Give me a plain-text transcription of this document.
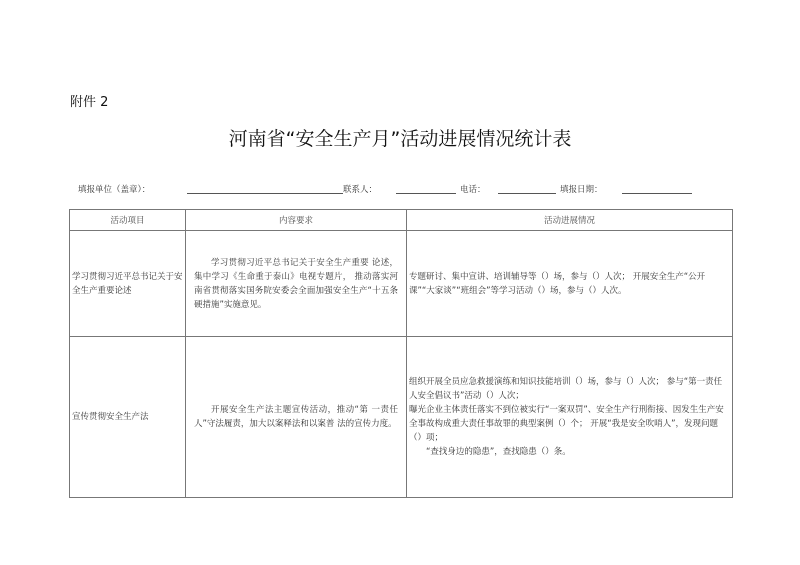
附件 2
河南省“安全生产月”活动进展情况统计表
填报单位（盖章）：	联系人：	电话：	填报日期：
活动项目	内容要求	活动进展情况
学习贯彻习近平总书记关于安全生产重要论述	学习贯彻习近平总书记关于安全生产重要 论述，集中学习《生命重于泰山》电视专题片， 推动落实河南省贯彻落实国务院安委会全面加强安全生产“十五条硬措施”实施意见。	专题研讨、集中宣讲、培训辅导等（）场，参与（）人次； 开展安全生产“公开课”“大家谈”“班组会”等学习活动（）场，参与（）人次。

宣传贯彻安全生产法	开展安全生产法主题宣传活动，推动“第 一责任人”守法履责，加大以案释法和以案普 法的宣传力度。	组织开展全员应急救援演练和知识技能培训（）场，参与（）人次； 参与“第一责任人安全倡议书”活动（）人次；
曝光企业主体责任落实不到位被实行“一案双罚”、安全生产行刑衔接、因发生生产安全事故构成重大责任事故罪的典型案例（）个； 开展“我是安全吹哨人”，发现问题（）项；
“查找身边的隐患”，查找隐患（）条。
